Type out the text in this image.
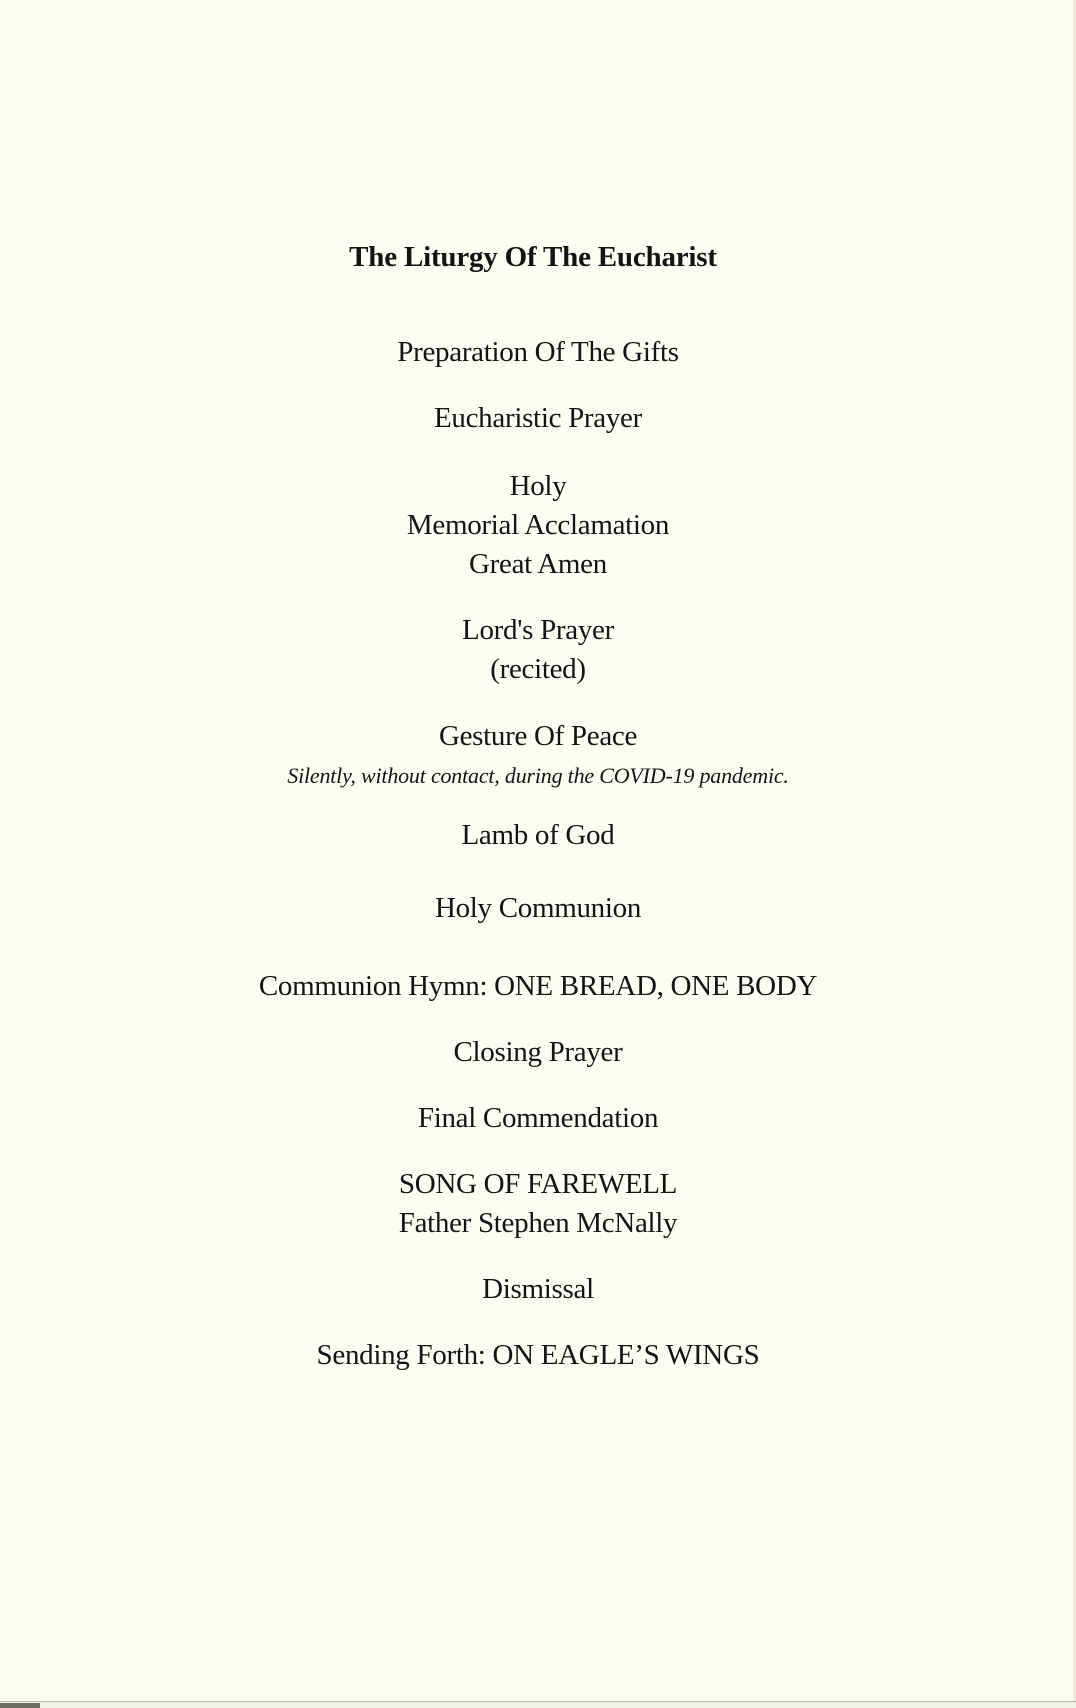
The Liturgy Of The Eucharist
Preparation Of The Gifts
Eucharistic Prayer
Holy
Memorial Acclamation
Great Amen
Lord's Prayer
(recited)
Gesture Of Peace
Silently, without contact, during the COVID-19 pandemic.
Lamb of God
Holy Communion
Communion Hymn: ONE BREAD, ONE BODY
Closing Prayer
Final Commendation
SONG OF FAREWELL
Father Stephen McNally
Dismissal
Sending Forth: ON EAGLE’S WINGS
